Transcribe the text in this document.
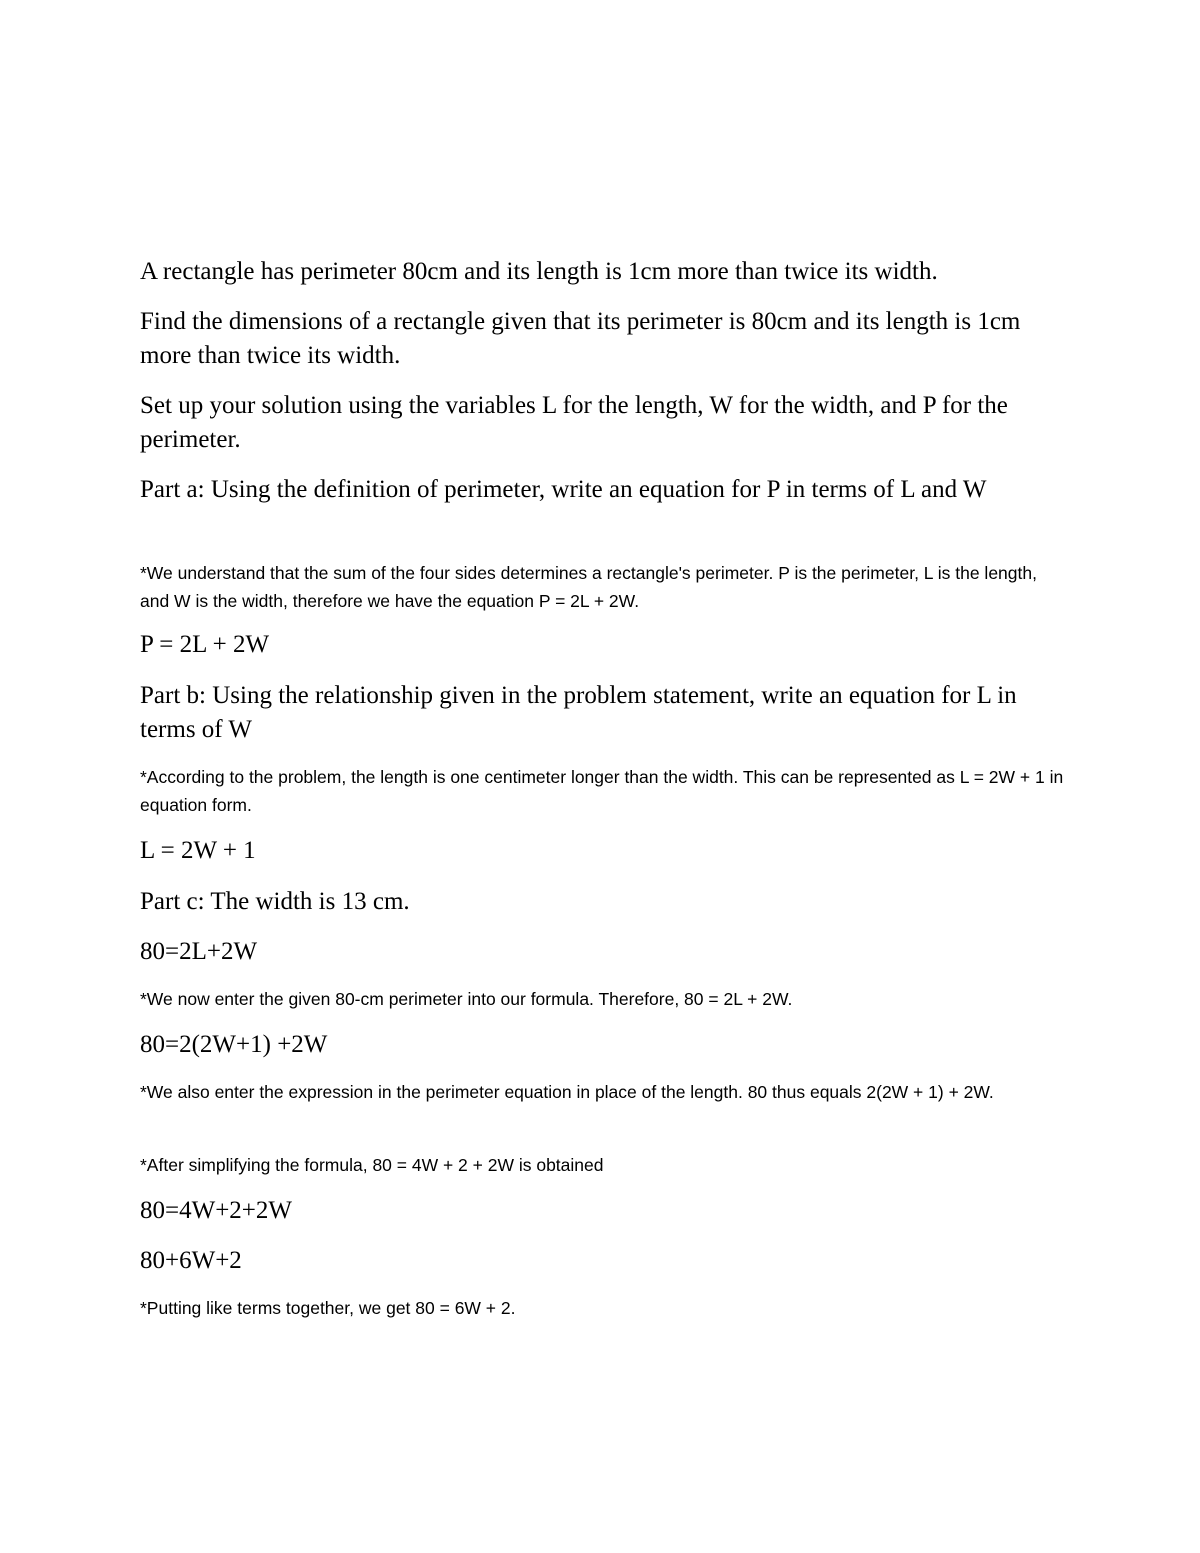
A rectangle has perimeter 80cm and its length is 1cm more than twice its width.

Find the dimensions of a rectangle given that its perimeter is 80cm and its length is 1cm more than twice its width.

Set up your solution using the variables L for the length, W for the width, and P for the perimeter.

Part a: Using the definition of perimeter, write an equation for P in terms of L and W

*We understand that the sum of the four sides determines a rectangle's perimeter. P is the perimeter, L is the length, and W is the width, therefore we have the equation P = 2L + 2W.

P = 2L + 2W

Part b: Using the relationship given in the problem statement, write an equation for L in terms of W

*According to the problem, the length is one centimeter longer than the width. This can be represented as L = 2W + 1 in equation form.

L = 2W + 1

Part c: The width is 13 cm.

80=2L+2W

*We now enter the given 80-cm perimeter into our formula. Therefore, 80 = 2L + 2W.

80=2(2W+1) +2W

*We also enter the expression in the perimeter equation in place of the length. 80 thus equals 2(2W + 1) + 2W.

*After simplifying the formula, 80 = 4W + 2 + 2W is obtained

80=4W+2+2W

80+6W+2

*Putting like terms together, we get 80 = 6W + 2.
